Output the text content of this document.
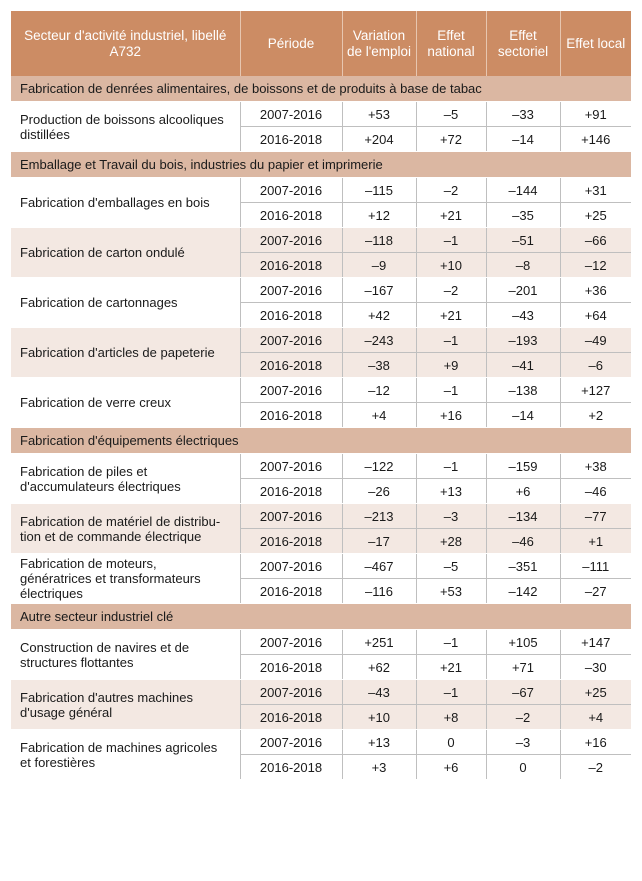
Secteur d'activité industriel, libellé A732	Période	Variation de l'emploi	Effet national	Effet sectoriel	Effet local
Fabrication de denrées alimentaires, de boissons et de produits à base de tabac					
Production de boissons alcooliques distillées	2007-2016	+53	–5	–33	+91
	2016-2018	+204	+72	–14	+146
Emballage et Travail du bois, industries du papier et imprimerie					
Fabrication d'emballages en bois	2007-2016	–115	–2	–144	+31
	2016-2018	+12	+21	–35	+25
Fabrication de carton ondulé	2007-2016	–118	–1	–51	–66
	2016-2018	–9	+10	–8	–12
Fabrication de cartonnages	2007-2016	–167	–2	–201	+36
	2016-2018	+42	+21	–43	+64
Fabrication d'articles de papeterie	2007-2016	–243	–1	–193	–49
	2016-2018	–38	+9	–41	–6
Fabrication de verre creux	2007-2016	–12	–1	–138	+127
	2016-2018	+4	+16	–14	+2
Fabrication d'équipements électriques					
Fabrication de piles et d'accumulateurs électriques	2007-2016	–122	–1	–159	+38
	2016-2018	–26	+13	+6	–46
Fabrication de matériel de distribu-tion et de commande électrique	2007-2016	–213	–3	–134	–77
	2016-2018	–17	+28	–46	+1
Fabrication de moteurs, génératrices et transformateurs électriques	2007-2016	–467	–5	–351	–111
	2016-2018	–116	+53	–142	–27
Autre secteur industriel clé					
Construction de navires et de structures flottantes	2007-2016	+251	–1	+105	+147
	2016-2018	+62	+21	+71	–30
Fabrication d'autres machines d'usage général	2007-2016	–43	–1	–67	+25
	2016-2018	+10	+8	–2	+4
Fabrication de machines agricoles et forestières	2007-2016	+13	0	–3	+16
	2016-2018	+3	+6	0	–2
